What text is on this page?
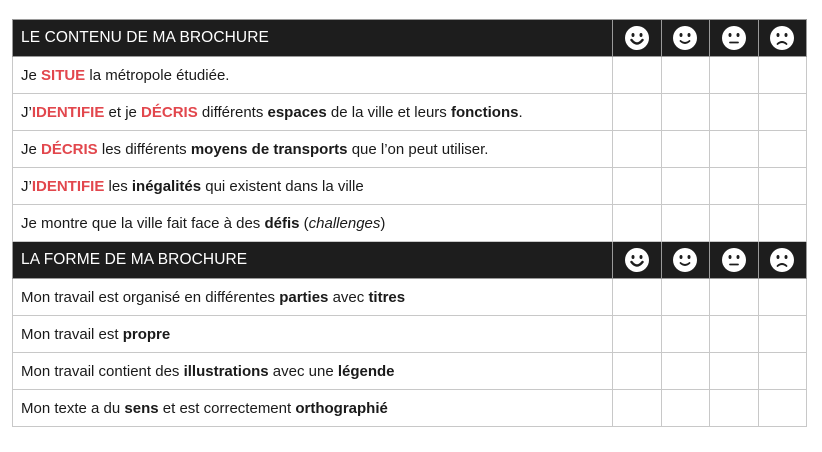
LE CONTENU DE MA BROCHURE	

Je SITUE la métropole étudiée.				
J’IDENTIFIE et je DÉCRIS différents espaces de la ville et leurs fonctions.				
Je DÉCRIS les différents moyens de transports que l’on peut utiliser.				
J’IDENTIFIE les inégalités qui existent dans la ville				
Je montre que la ville fait face à des défis (challenges)				
LA FORME DE MA BROCHURE	

Mon travail est organisé en différentes parties avec titres				
Mon travail est propre				
Mon travail contient des illustrations avec une légende				
Mon texte a du sens et est correctement orthographié				
